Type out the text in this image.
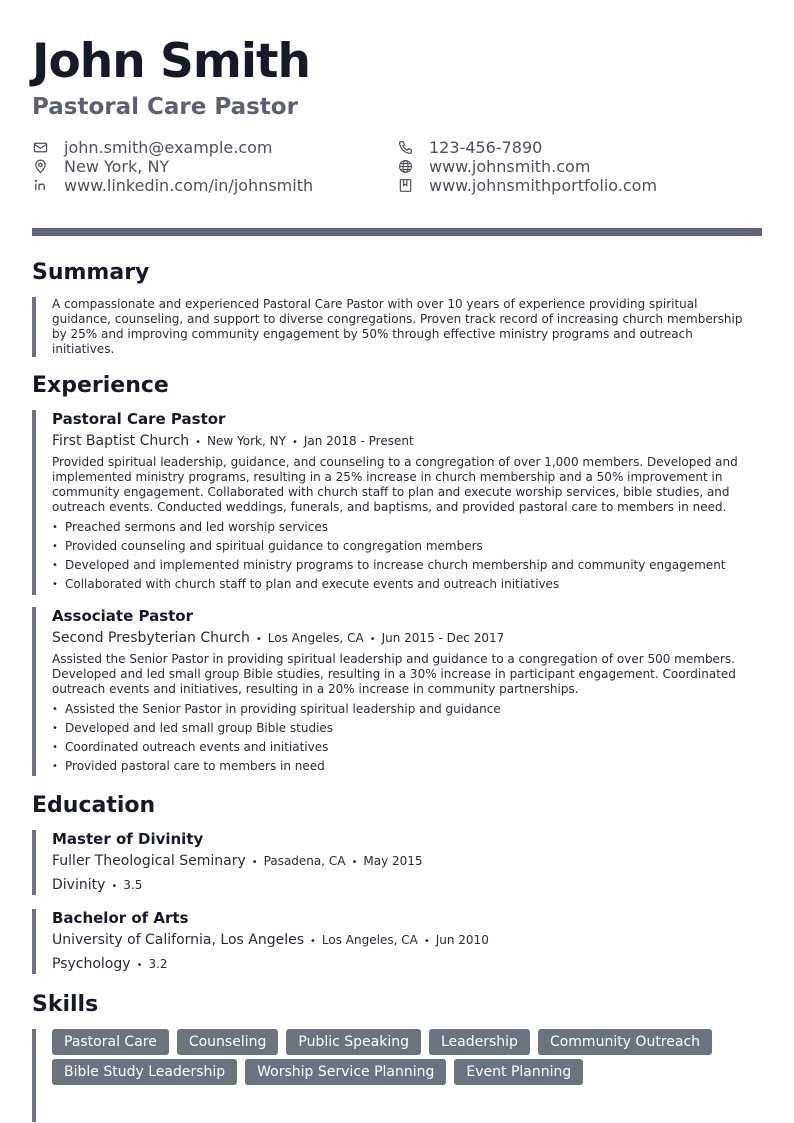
John Smith
Pastoral Care Pastor
john.smith@example.com
New York, NY
www.linkedin.com/in/johnsmith
123-456-7890
www.johnsmith.com
www.johnsmithportfolio.com
Summary
A compassionate and experienced Pastoral Care Pastor with over 10 years of experience providing spiritual guidance, counseling, and support to diverse congregations. Proven track record of increasing church membership by 25% and improving community engagement by 50% through effective ministry programs and outreach initiatives.
Experience
Pastoral Care Pastor
First Baptist Church • New York, NY • Jan 2018 - Present
Provided spiritual leadership, guidance, and counseling to a congregation of over 1,000 members. Developed and implemented ministry programs, resulting in a 25% increase in church membership and a 50% improvement in community engagement. Collaborated with church staff to plan and execute worship services, bible studies, and outreach events. Conducted weddings, funerals, and baptisms, and provided pastoral care to members in need.
• Preached sermons and led worship services
• Provided counseling and spiritual guidance to congregation members
• Developed and implemented ministry programs to increase church membership and community engagement
• Collaborated with church staff to plan and execute events and outreach initiatives
Associate Pastor
Second Presbyterian Church • Los Angeles, CA • Jun 2015 - Dec 2017
Assisted the Senior Pastor in providing spiritual leadership and guidance to a congregation of over 500 members. Developed and led small group Bible studies, resulting in a 30% increase in participant engagement. Coordinated outreach events and initiatives, resulting in a 20% increase in community partnerships.
• Assisted the Senior Pastor in providing spiritual leadership and guidance
• Developed and led small group Bible studies
• Coordinated outreach events and initiatives
• Provided pastoral care to members in need
Education
Master of Divinity
Fuller Theological Seminary • Pasadena, CA • May 2015
Divinity • 3.5
Bachelor of Arts
University of California, Los Angeles • Los Angeles, CA • Jun 2010
Psychology • 3.2
Skills
Pastoral Care	Counseling	Public Speaking	Leadership	Community Outreach
Bible Study Leadership	Worship Service Planning	Event Planning
